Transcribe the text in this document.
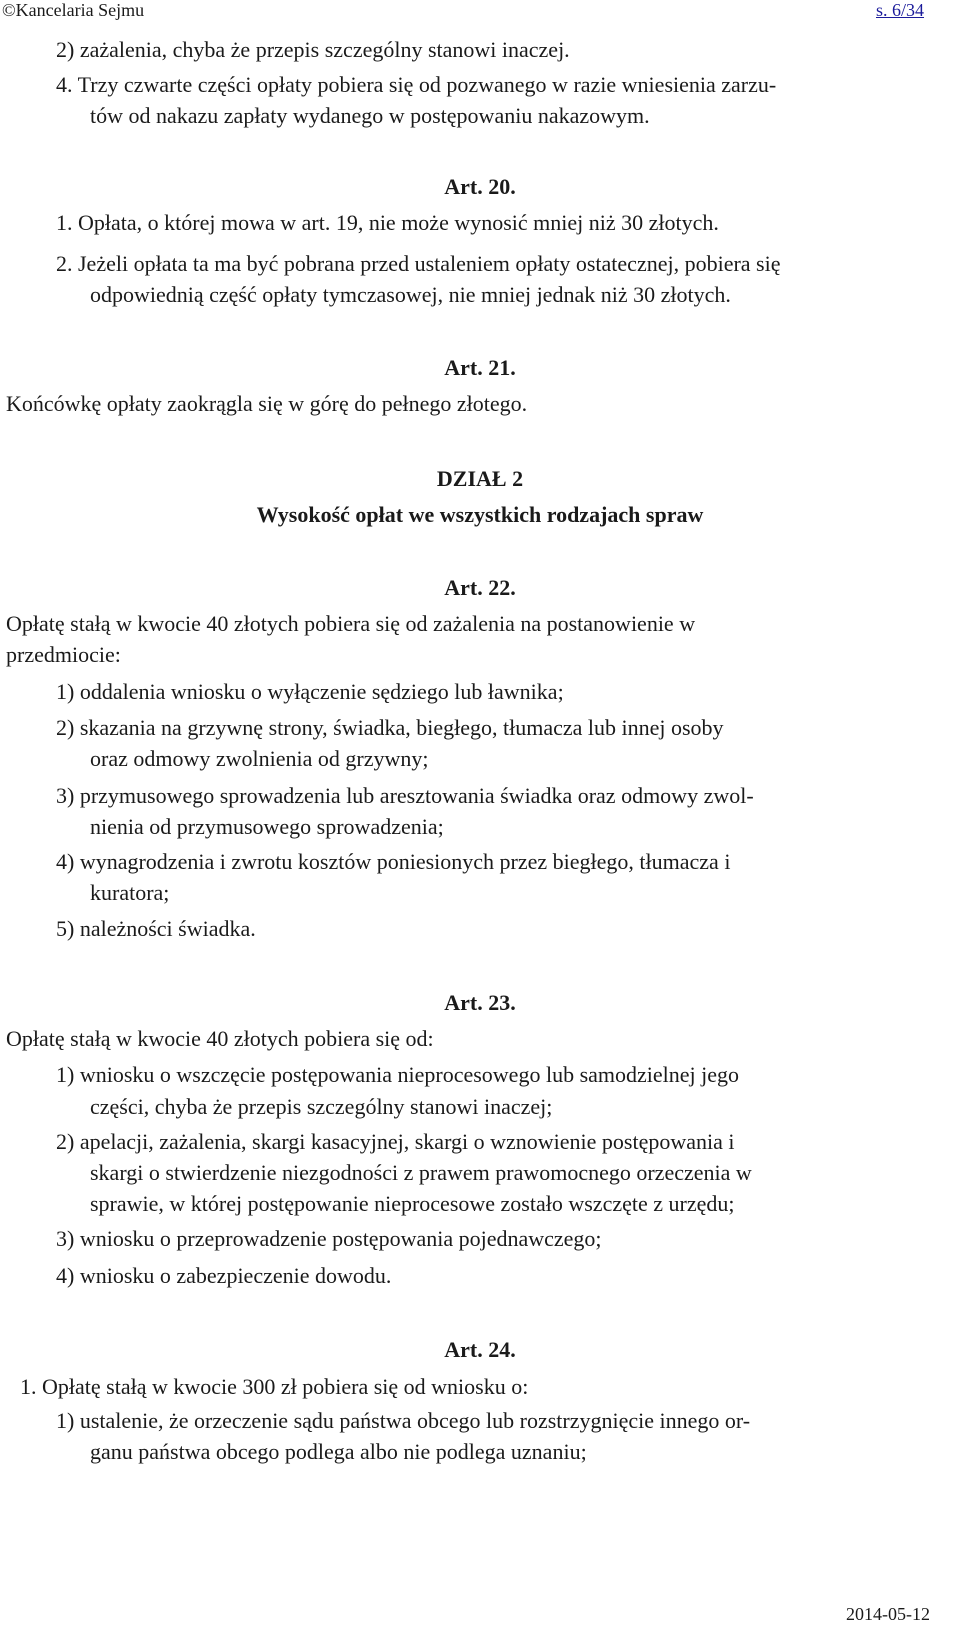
©Kancelaria Sejmu	s. 6/34
2) zażalenia, chyba że przepis szczególny stanowi inaczej.
4. Trzy czwarte części opłaty pobiera się od pozwanego w razie wniesienia zarzu-
tów od nakazu zapłaty wydanego w postępowaniu nakazowym.
Art. 20.
1. Opłata, o której mowa w art. 19, nie może wynosić mniej niż 30 złotych.
2. Jeżeli opłata ta ma być pobrana przed ustaleniem opłaty ostatecznej, pobiera się
odpowiednią część opłaty tymczasowej, nie mniej jednak niż 30 złotych.
Art. 21.
Końcówkę opłaty zaokrągla się w górę do pełnego złotego.
DZIAŁ 2
Wysokość opłat we wszystkich rodzajach spraw
Art. 22.
Opłatę stałą w kwocie 40 złotych pobiera się od zażalenia na postanowienie w
przedmiocie:
1) oddalenia wniosku o wyłączenie sędziego lub ławnika;
2) skazania na grzywnę strony, świadka, biegłego, tłumacza lub innej osoby
oraz odmowy zwolnienia od grzywny;
3) przymusowego sprowadzenia lub aresztowania świadka oraz odmowy zwol-
nienia od przymusowego sprowadzenia;
4) wynagrodzenia i zwrotu kosztów poniesionych przez biegłego, tłumacza i
kuratora;
5) należności świadka.
Art. 23.
Opłatę stałą w kwocie 40 złotych pobiera się od:
1) wniosku o wszczęcie postępowania nieprocesowego lub samodzielnej jego
części, chyba że przepis szczególny stanowi inaczej;
2) apelacji, zażalenia, skargi kasacyjnej, skargi o wznowienie postępowania i
skargi o stwierdzenie niezgodności z prawem prawomocnego orzeczenia w
sprawie, w której postępowanie nieprocesowe zostało wszczęte z urzędu;
3) wniosku o przeprowadzenie postępowania pojednawczego;
4) wniosku o zabezpieczenie dowodu.
Art. 24.
1. Opłatę stałą w kwocie 300 zł pobiera się od wniosku o:
1) ustalenie, że orzeczenie sądu państwa obcego lub rozstrzygnięcie innego or-
ganu państwa obcego podlega albo nie podlega uznaniu;
2014-05-12
